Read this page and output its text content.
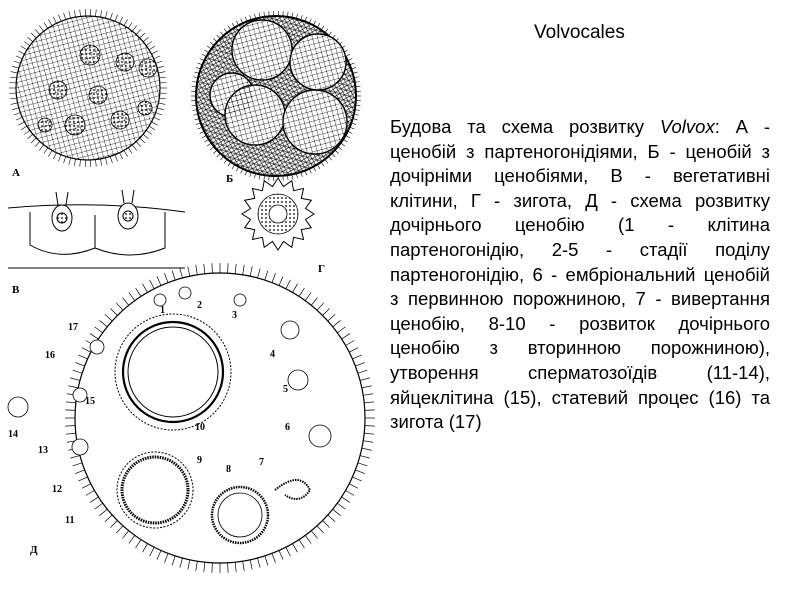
Volvocales

Будова та схема розвитку Volvox: А - ценобій з партеногонідіями, Б - ценобій з дочірніми ценобіями, В - вегетативні клітини, Г - зигота, Д - схема розвитку дочірнього ценобію (1 - клітина партеногонідію, 2-5 - стадії поділу партеногонідію, 6 - ембріональний ценобій з первинною порожниною, 7 - вивертання ценобію, 8-10 - розвиток дочірнього ценобію з вторинною порожниною), утворення сперматозоїдів (11-14), яйцеклітина (15), статевий процес (16) та зигота (17)

А	Б
В
Г
1	2
3
4
5
6
7
8
9
10
11
12
13
14
15
16
17
Д
